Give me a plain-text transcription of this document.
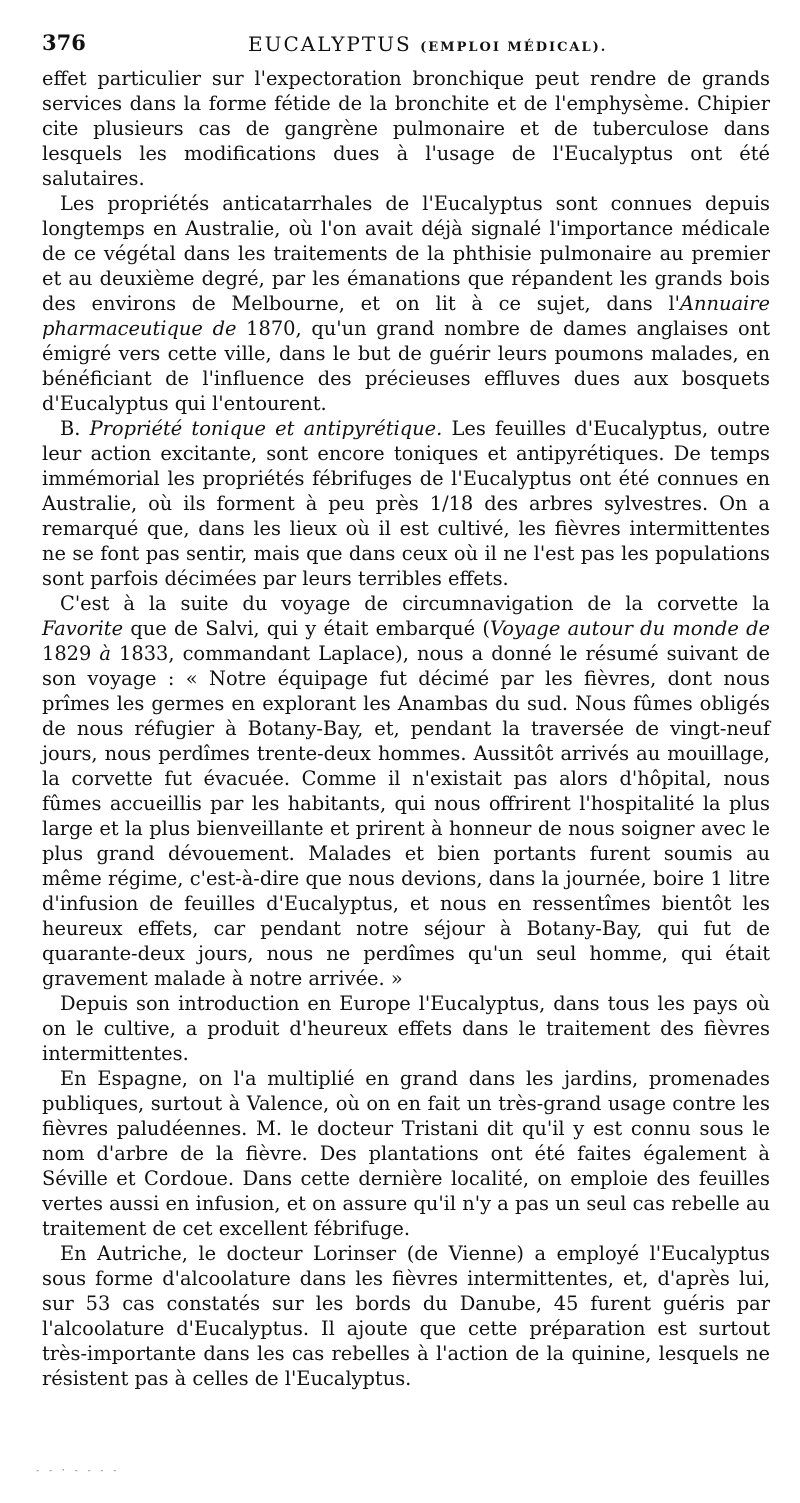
376	EUCALYPTUS (EMPLOI MÉDICAL).

effet particulier sur l'expectoration bronchique peut rendre de grands services dans la forme fétide de la bronchite et de l'emphysème. Chipier cite plusieurs cas de gangrène pulmonaire et de tuberculose dans lesquels les modifications dues à l'usage de l'Eucalyptus ont été salutaires.

Les propriétés anticatarrhales de l'Eucalyptus sont connues depuis longtemps en Australie, où l'on avait déjà signalé l'importance médicale de ce végétal dans les traitements de la phthisie pulmonaire au premier et au deuxième degré, par les émanations que répandent les grands bois des environs de Melbourne, et on lit à ce sujet, dans l'Annuaire pharmaceutique de 1870, qu'un grand nombre de dames anglaises ont émigré vers cette ville, dans le but de guérir leurs poumons malades, en bénéficiant de l'influence des précieuses effluves dues aux bosquets d'Eucalyptus qui l'entourent.

B. Propriété tonique et antipyrétique. Les feuilles d'Eucalyptus, outre leur action excitante, sont encore toniques et antipyrétiques. De temps immémorial les propriétés fébrifuges de l'Eucalyptus ont été connues en Australie, où ils forment à peu près 1/18 des arbres sylvestres. On a remarqué que, dans les lieux où il est cultivé, les fièvres intermittentes ne se font pas sentir, mais que dans ceux où il ne l'est pas les populations sont parfois décimées par leurs terribles effets.

C'est à la suite du voyage de circumnavigation de la corvette la Favorite que de Salvi, qui y était embarqué (Voyage autour du monde de 1829 à 1833, commandant Laplace), nous a donné le résumé suivant de son voyage : « Notre équipage fut décimé par les fièvres, dont nous prîmes les germes en explorant les Anambas du sud. Nous fûmes obligés de nous réfugier à Botany-Bay, et, pendant la traversée de vingt-neuf jours, nous perdîmes trente-deux hommes. Aussitôt arrivés au mouillage, la corvette fut évacuée. Comme il n'existait pas alors d'hôpital, nous fûmes accueillis par les habitants, qui nous offrirent l'hospitalité la plus large et la plus bienveillante et prirent à honneur de nous soigner avec le plus grand dévouement. Malades et bien portants furent soumis au même régime, c'est-à-dire que nous devions, dans la journée, boire 1 litre d'infusion de feuilles d'Eucalyptus, et nous en ressentîmes bientôt les heureux effets, car pendant notre séjour à Botany-Bay, qui fut de quarante-deux jours, nous ne perdîmes qu'un seul homme, qui était gravement malade à notre arrivée. »

Depuis son introduction en Europe l'Eucalyptus, dans tous les pays où on le cultive, a produit d'heureux effets dans le traitement des fièvres intermittentes.

En Espagne, on l'a multiplié en grand dans les jardins, promenades publiques, surtout à Valence, où on en fait un très-grand usage contre les fièvres paludéennes. M. le docteur Tristani dit qu'il y est connu sous le nom d'arbre de la fièvre. Des plantations ont été faites également à Séville et Cordoue. Dans cette dernière localité, on emploie des feuilles vertes aussi en infusion, et on assure qu'il n'y a pas un seul cas rebelle au traitement de cet excellent fébrifuge.

En Autriche, le docteur Lorinser (de Vienne) a employé l'Eucalyptus sous forme d'alcoolature dans les fièvres intermittentes, et, d'après lui, sur 53 cas constatés sur les bords du Danube, 45 furent guéris par l'alcoolature d'Eucalyptus. Il ajoute que cette préparation est surtout très-importante dans les cas rebelles à l'action de la quinine, lesquels ne résistent pas à celles de l'Eucalyptus.

- - · - - - -
